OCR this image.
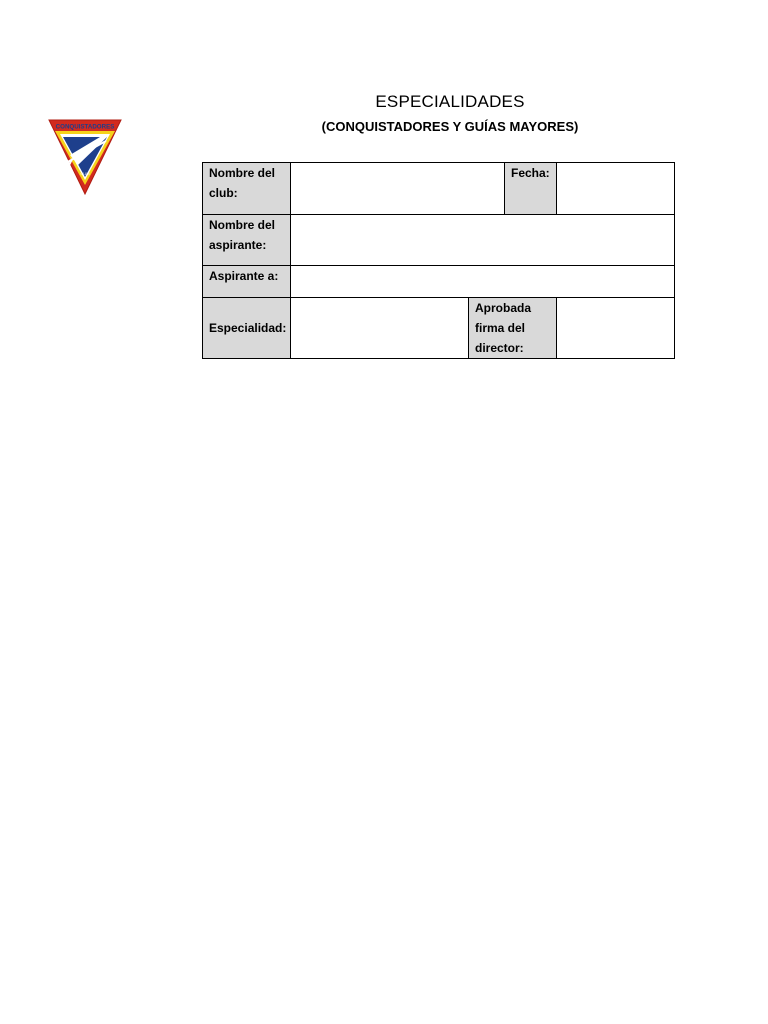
CONQUISTADORES
CLUB
ESPECIALIDADES
(CONQUISTADORES Y GUÍAS MAYORES)
Nombre del club:			Fecha:	

Nombre del aspirante:				

Aspirante a:				

Especialidad:		Aprobada firma del director:		
